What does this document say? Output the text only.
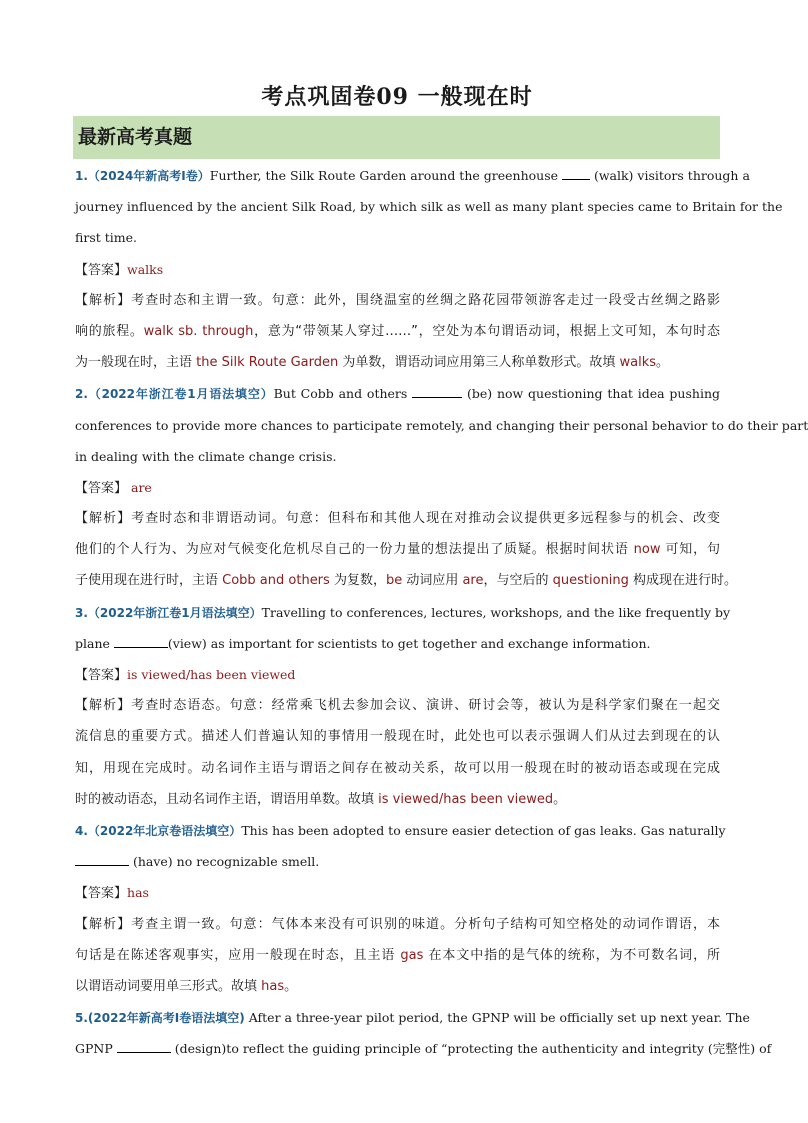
考点巩固卷09 一般现在时
最新高考真题
1.（2024年新高考I卷）Further, the Silk Route Garden around the greenhouse  (walk) visitors through a
journey influenced by the ancient Silk Road, by which silk as well as many plant species came to Britain for the
first time.
【答案】walks
【解析】考查时态和主谓一致。句意：此外，围绕温室的丝绸之路花园带领游客走过一段受古丝绸之路影
响的旅程。walk sb. through，意为“带领某人穿过……”，空处为本句谓语动词，根据上文可知，本句时态
为一般现在时，主语 the Silk Route Garden 为单数，谓语动词应用第三人称单数形式。故填 walks。
2.（2022年浙江卷1月语法填空）But Cobb and others	(be) now questioning that idea pushing
conferences to provide more chances to participate remotely, and changing their personal behavior to do their part
in dealing with the climate change crisis.
【答案】 are
【解析】考查时态和非谓语动词。句意：但科布和其他人现在对推动会议提供更多远程参与的机会、改变
他们的个人行为、为应对气候变化危机尽自己的一份力量的想法提出了质疑。根据时间状语 now 可知，句
子使用现在进行时，主语 Cobb and others 为复数，be 动词应用 are，与空后的 questioning 构成现在进行时。
3.（2022年浙江卷1月语法填空）Travelling to conferences, lectures, workshops, and the like frequently by
plane	(view) as important for scientists to get together and exchange information.
【答案】is viewed/has been viewed
【解析】考查时态语态。句意：经常乘飞机去参加会议、演讲、研讨会等，被认为是科学家们聚在一起交
流信息的重要方式。描述人们普遍认知的事情用一般现在时，此处也可以表示强调人们从过去到现在的认
知，用现在完成时。动名词作主语与谓语之间存在被动关系，故可以用一般现在时的被动语态或现在完成
时的被动语态，且动名词作主语，谓语用单数。故填 is viewed/has been viewed。
4.（2022年北京卷语法填空）This has been adopted to ensure easier detection of gas leaks. Gas naturally
(have) no recognizable smell.
【答案】has
【解析】考查主谓一致。句意：气体本来没有可识别的味道。分析句子结构可知空格处的动词作谓语，本
句话是在陈述客观事实，应用一般现在时态，且主语 gas 在本文中指的是气体的统称，为不可数名词，所
以谓语动词要用单三形式。故填 has。
5.(2022年新高考I卷语法填空) After a three-year pilot period, the GPNP will be officially set up next year. The
GPNP	(design)to reflect the guiding principle of “protecting the authenticity and integrity (完整性) of
